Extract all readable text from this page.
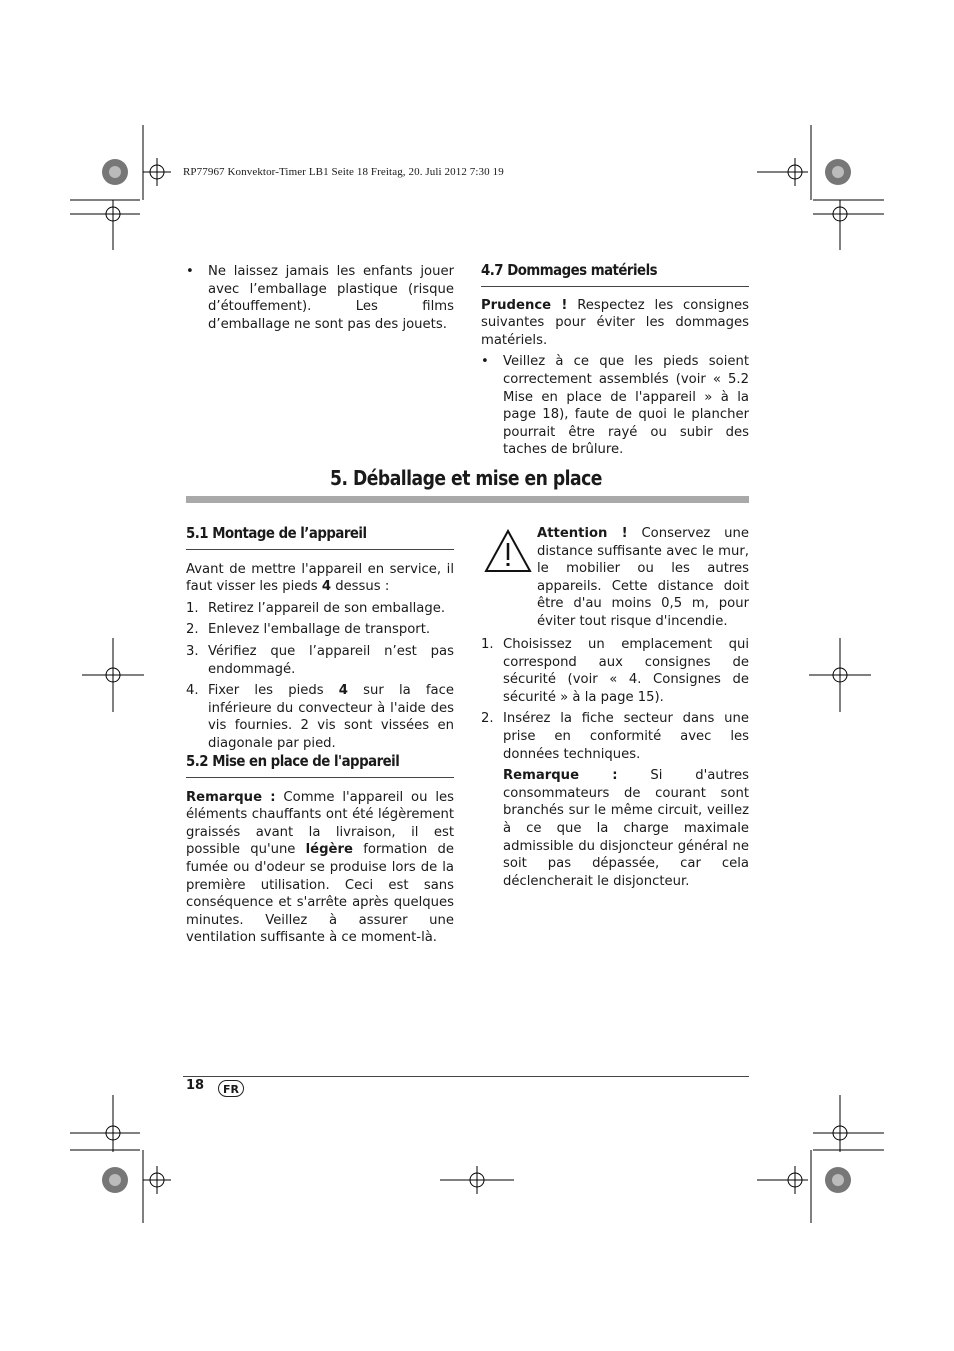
RP77967 Konvektor-Timer LB1 Seite 18 Freitag, 20. Juli 2012 7:30 19
• Ne laissez jamais les enfants jouer avec l’emballage plastique (risque d’étouffement). Les films d’emballage ne sont pas des jouets.
4.7 Dommages matériels

Prudence ! Respectez les consignes suivantes pour éviter les dommages matériels.

• Veillez à ce que les pieds soient correctement assemblés (voir « 5.2 Mise en place de l'appareil » à la page 18), faute de quoi le plancher pourrait être rayé ou subir des taches de brûlure.
5. Déballage et mise en place
5.1 Montage de l’appareil

Avant de mettre l'appareil en service, il faut visser les pieds 4 dessus :

1. Retirez l’appareil de son emballage.
2. Enlevez l'emballage de transport.
3. Vérifiez que l’appareil n’est pas endommagé.
4. Fixer les pieds 4 sur la face inférieure du convecteur à l'aide des vis fournies. 2 vis sont vissées en diagonale par pied.
5.2 Mise en place de l'appareil

Remarque : Comme l'appareil ou les éléments chauffants ont été légèrement graissés avant la livraison, il est possible qu'une légère formation de fumée ou d'odeur se produise lors de la première utilisation. Ceci est sans conséquence et s'arrête après quelques minutes. Veillez à assurer une ventilation suffisante à ce moment-là.

Attention ! Conservez une distance suffisante avec le mur, le mobilier ou les autres appareils. Cette distance doit être d'au moins 0,5 m, pour éviter tout risque d'incendie.

1. Choisissez un emplacement qui correspond aux consignes de sécurité (voir « 4. Consignes de sécurité » à la page 15).
2. Insérez la fiche secteur dans une prise en conformité avec les données techniques.

Remarque : Si d'autres consommateurs de courant sont branchés sur le même circuit, veillez à ce que la charge maximale admissible du disjoncteur général ne soit pas dépassée, car cela déclencherait le disjoncteur.

18	FR
